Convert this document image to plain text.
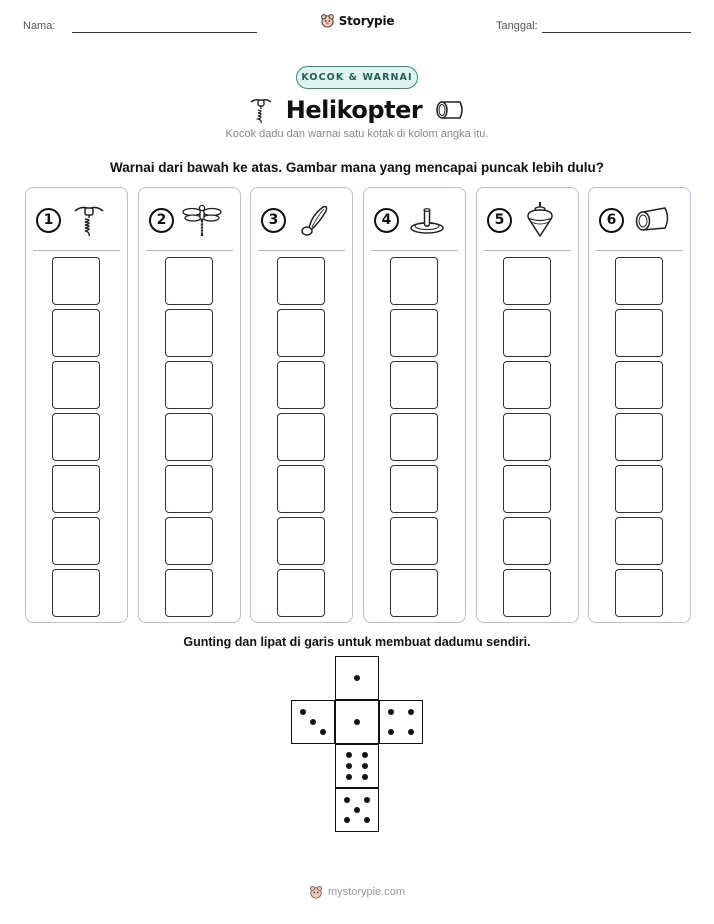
Nama:	Tanggal:
Storypie
KOCOK & WARNAI
Helikopter
Kocok dadu dan warnai satu kotak di kolom angka itu.
Warnai dari bawah ke atas. Gambar mana yang mencapai puncak lebih dulu?
1	2	3	4	5	6
Gunting dan lipat di garis untuk membuat dadumu sendiri.
mystorypie.com
